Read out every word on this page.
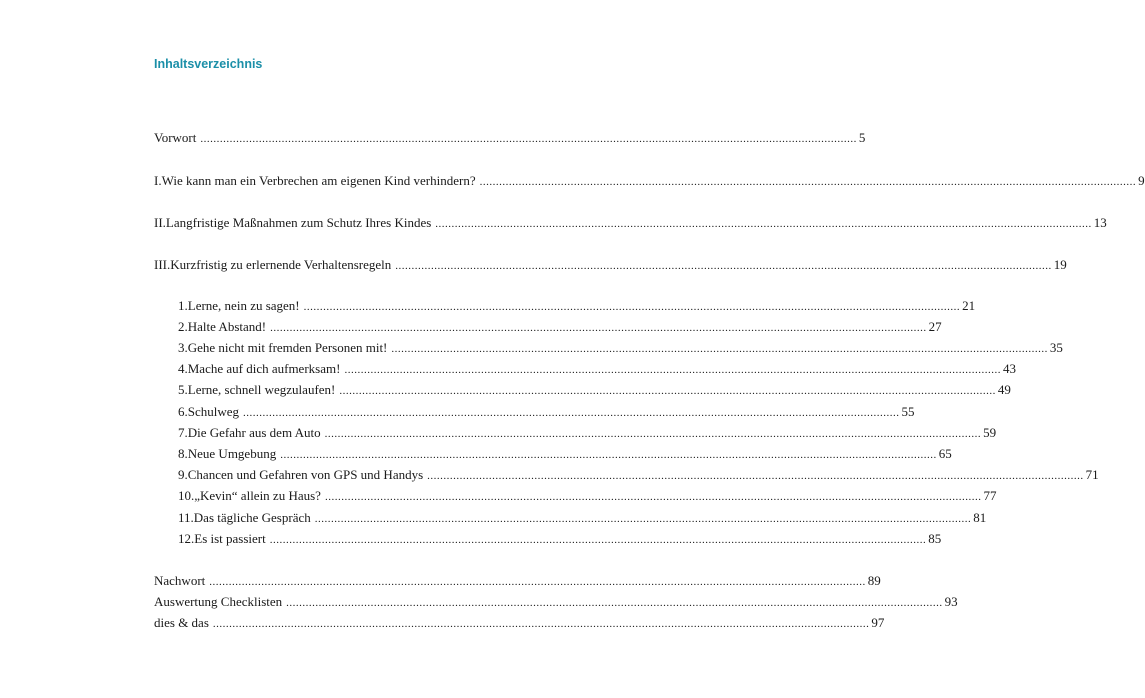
Inhaltsverzeichnis
Vorwort .......................................................................................................................................................................................................... 5
I. Wie kann man ein Verbrechen am eigenen Kind verhindern? .......................................................................................................................................................................................................... 9
II. Langfristige Maßnahmen zum Schutz Ihres Kindes .......................................................................................................................................................................................................... 13
III. Kurzfristig zu erlernende Verhaltensregeln .......................................................................................................................................................................................................... 19
1. Lerne, nein zu sagen! .......................................................................................................................................................................................................... 21
2. Halte Abstand! .......................................................................................................................................................................................................... 27
3. Gehe nicht mit fremden Personen mit! .......................................................................................................................................................................................................... 35
4. Mache auf dich aufmerksam! .......................................................................................................................................................................................................... 43
5. Lerne, schnell wegzulaufen! .......................................................................................................................................................................................................... 49
6. Schulweg .......................................................................................................................................................................................................... 55
7. Die Gefahr aus dem Auto .......................................................................................................................................................................................................... 59
8. Neue Umgebung .......................................................................................................................................................................................................... 65
9. Chancen und Gefahren von GPS und Handys .......................................................................................................................................................................................................... 71
10. „Kevin“ allein zu Haus? .......................................................................................................................................................................................................... 77
11. Das tägliche Gespräch .......................................................................................................................................................................................................... 81
12. Es ist passiert .......................................................................................................................................................................................................... 85
Nachwort .......................................................................................................................................................................................................... 89
Auswertung Checklisten .......................................................................................................................................................................................................... 93
dies & das .......................................................................................................................................................................................................... 97
